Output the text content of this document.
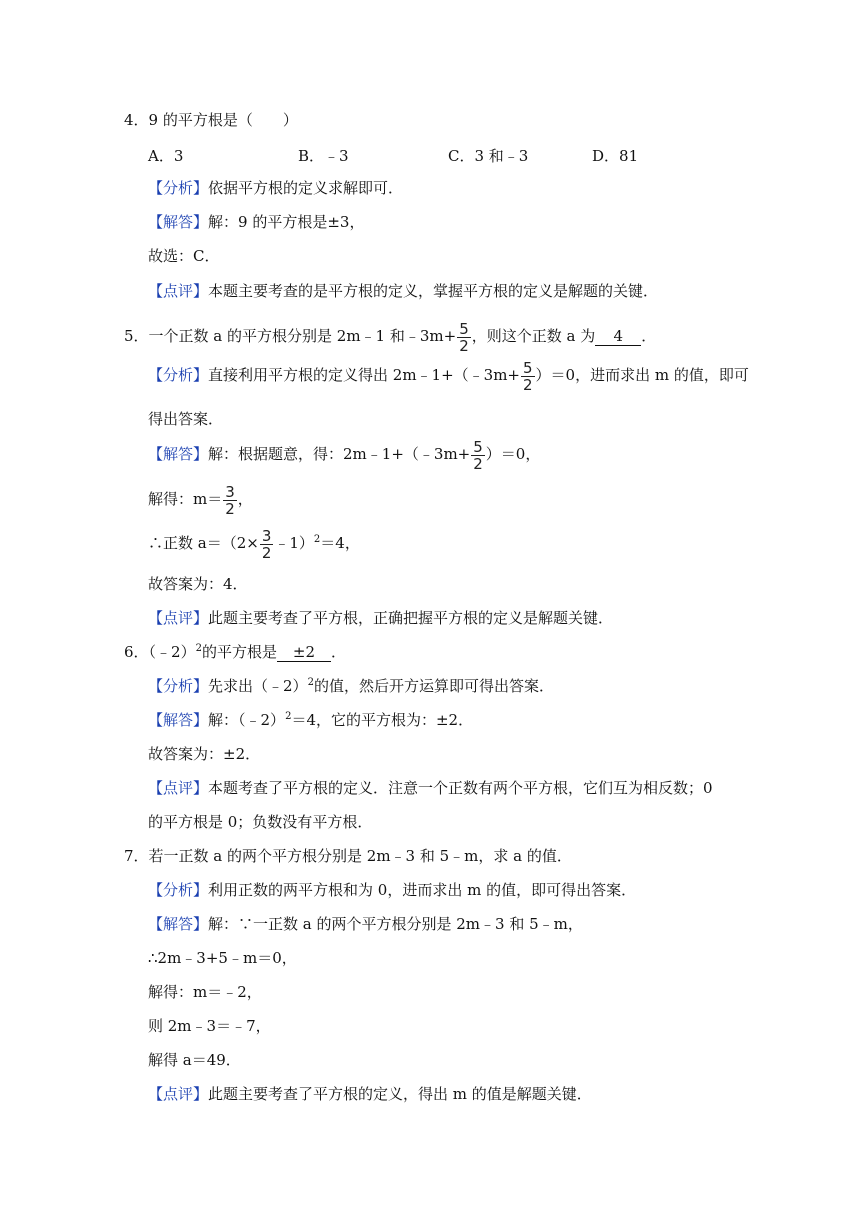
4．9 的平方根是（　　）
A．3	B．﹣3	C．3 和﹣3	D．81
【分析】依据平方根的定义求解即可．
【解答】解：9 的平方根是±3，
故选：C．
【点评】本题主要考查的是平方根的定义，掌握平方根的定义是解题的关键．
5．一个正数 a 的平方根分别是 2m﹣1 和﹣3m+ $\frac{5}{2}$ ，则这个正数 a 为 4 ．
【分析】直接利用平方根的定义得出 2m﹣1+（﹣3m+ $\frac{5}{2} )=0$，进而求出 m 的值，即可
得出答案．
【解答】解：根据题意，得：2m﹣1+（﹣3m+ $\frac{5}{2} )=0$，
解得：$m= \frac{3}{2}$ ，
∴正数 $a=(2\times \frac{3}{2}$ ﹣1）$^2$＝4，
故答案为：4．
【点评】此题主要考查了平方根，正确把握平方根的定义是解题关键．
6．（﹣2）$^2$的平方根是 ±2 ．
【分析】先求出（﹣2）$^2$的值，然后开方运算即可得出答案．
【解答】解：（﹣2）$^2$＝4，它的平方根为：±2．
故答案为：±2．
【点评】本题考查了平方根的定义．注意一个正数有两个平方根，它们互为相反数；0
的平方根是 0；负数没有平方根．
7．若一正数 a 的两个平方根分别是 2m﹣3 和 5﹣m，求 a 的值．
【分析】利用正数的两平方根和为 0，进而求出 m 的值，即可得出答案．
【解答】解：∵一正数 a 的两个平方根分别是 2m﹣3 和 5﹣m，
∴2m﹣3+5﹣m＝0，
解得：m＝﹣2，
则 2m﹣3＝﹣7，
解得 a＝49．
【点评】此题主要考查了平方根的定义，得出 m 的值是解题关键．
